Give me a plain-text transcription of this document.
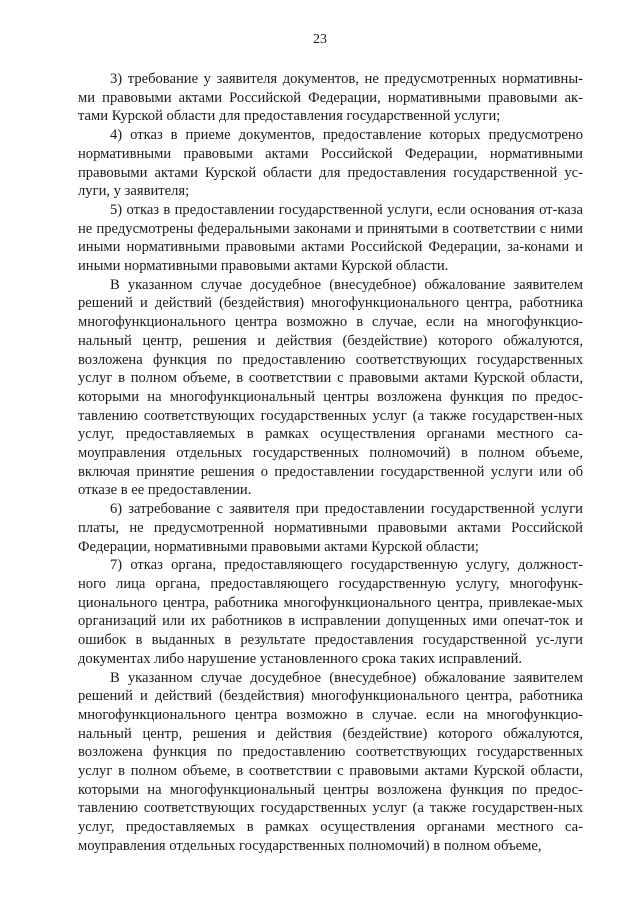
23

3) требование у заявителя документов, не предусмотренных нормативны-ми правовыми актами Российской Федерации, нормативными правовыми ак-тами Курской области для предоставления государственной услуги;

4) отказ в приеме документов, предоставление которых предусмотрено нормативными правовыми актами Российской Федерации, нормативными правовыми актами Курской области для предоставления государственной ус-луги, у заявителя;

5) отказ в предоставлении государственной услуги, если основания от-каза не предусмотрены федеральными законами и принятыми в соответствии с ними иными нормативными правовыми актами Российской Федерации, за-конами и иными нормативными правовыми актами Курской области.

В указанном случае досудебное (внесудебное) обжалование заявителем решений и действий (бездействия) многофункционального центра, работника многофункционального центра возможно в случае, если на многофункцио-нальный центр, решения и действия (бездействие) которого обжалуются, возложена функция по предоставлению соответствующих государственных услуг в полном объеме, в соответствии с правовыми актами Курской области, которыми на многофункциональный центры возложена функция по предос-тавлению соответствующих государственных услуг (а также государствен-ных услуг, предоставляемых в рамках осуществления органами местного са-моуправления отдельных государственных полномочий) в полном объеме, включая принятие решения о предоставлении государственной услуги или об отказе в ее предоставлении.

6) затребование с заявителя при предоставлении государственной услуги платы, не предусмотренной нормативными правовыми актами Российской Федерации, нормативными правовыми актами Курской области;

7) отказ органа, предоставляющего государственную услугу, должност-ного лица органа, предоставляющего государственную услугу, многофунк-ционального центра, работника многофункционального центра, привлекае-мых организаций или их работников в исправлении допущенных ими опечат-ток и ошибок в выданных в результате предоставления государственной ус-луги документах либо нарушение установленного срока таких исправлений.

В указанном случае досудебное (внесудебное) обжалование заявителем решений и действий (бездействия) многофункционального центра, работника многофункционального центра возможно в случае. если на многофункцио-нальный центр, решения и действия (бездействие) которого обжалуются, возложена функция по предоставлению соответствующих государственных услуг в полном объеме, в соответствии с правовыми актами Курской области, которыми на многофункциональный центры возложена функция по предос-тавлению соответствующих государственных услуг (а также государствен-ных услуг, предоставляемых в рамках осуществления органами местного са-моуправления отдельных государственных полномочий) в полном объеме,
